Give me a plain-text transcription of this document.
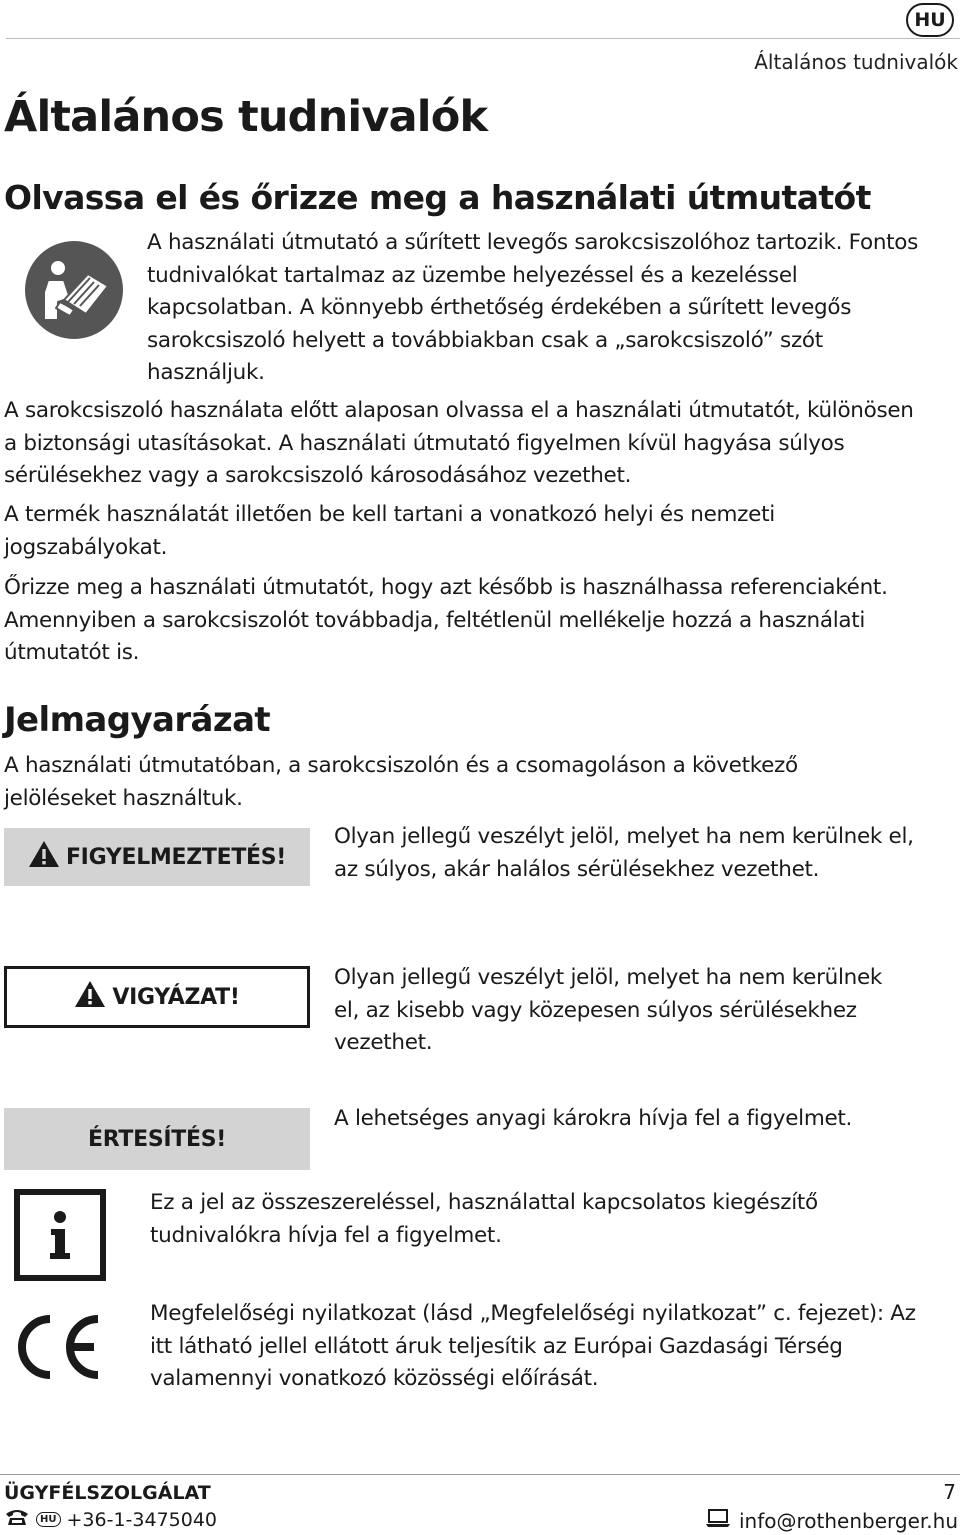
HU
Általános tudnivalók
Általános tudnivalók
Olvassa el és őrizze meg a használati útmutatót
A használati útmutató a sűrített levegős sarokcsiszolóhoz tartozik. Fontos
tudnivalókat tartalmaz az üzembe helyezéssel és a kezeléssel
kapcsolatban. A könnyebb érthetőség érdekében a sűrített levegős
sarokcsiszoló helyett a továbbiakban csak a „sarokcsiszoló” szót
használjuk.
A sarokcsiszoló használata előtt alaposan olvassa el a használati útmutatót, különösen
a biztonsági utasításokat. A használati útmutató figyelmen kívül hagyása súlyos
sérülésekhez vagy a sarokcsiszoló károsodásához vezethet.
A termék használatát illetően be kell tartani a vonatkozó helyi és nemzeti
jogszabályokat.
Őrizze meg a használati útmutatót, hogy azt később is használhassa referenciaként.
Amennyiben a sarokcsiszolót továbbadja, feltétlenül mellékelje hozzá a használati
útmutatót is.
Jelmagyarázat
A használati útmutatóban, a sarokcsiszolón és a csomagoláson a következő
jelöléseket használtuk.
FIGYELMEZTETÉS!
Olyan jellegű veszélyt jelöl, melyet ha nem kerülnek el,
az súlyos, akár halálos sérülésekhez vezethet.
VIGYÁZAT!
Olyan jellegű veszélyt jelöl, melyet ha nem kerülnek
el, az kisebb vagy közepesen súlyos sérülésekhez
vezethet.
ÉRTESÍTÉS!
A lehetséges anyagi károkra hívja fel a figyelmet.
Ez a jel az összeszereléssel, használattal kapcsolatos kiegészítő
tudnivalókra hívja fel a figyelmet.
Megfelelőségi nyilatkozat (lásd „Megfelelőségi nyilatkozat” c. fejezet): Az
itt látható jellel ellátott áruk teljesítik az Európai Gazdasági Térség
valamennyi vonatkozó közösségi előírását.
ÜGYFÉLSZOLGÁLAT	7
HU +36-1-3475040	info@rothenberger.hu
